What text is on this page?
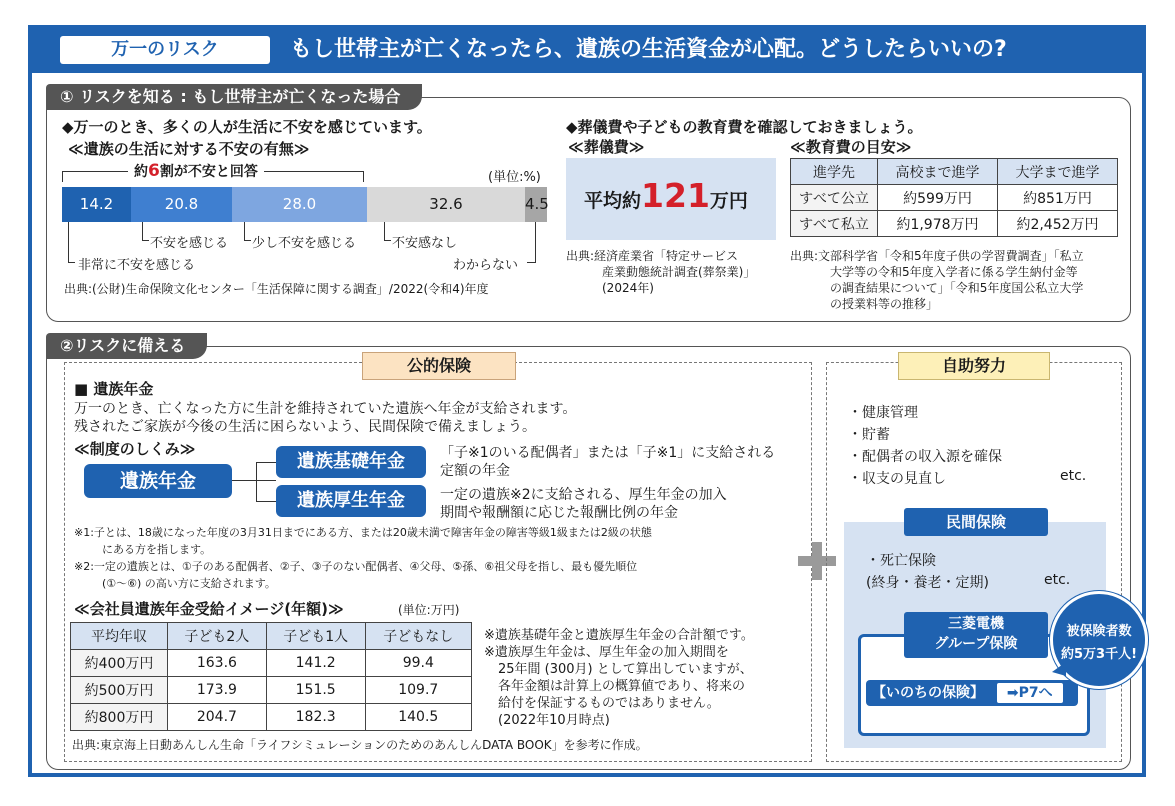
万一のリスク	もし世帯主が亡くなったら、遺族の生活資金が心配。どうしたらいいの?
① リスクを知る : もし世帯主が亡くなった場合
◆万一のとき、多くの人が生活に不安を感じています。
≪遺族の生活に対する不安の有無≫
約6割が不安と回答	(単位:%)
14.2	20.8	28.0	32.6	4.5
非常に不安を感じる
不安を感じる 少し不安を感じる	不安感なし
わからない
出典:(公財)生命保険文化センター「生活保障に関する調査」/2022(令和4)年度
◆葬儀費や子どもの教育費を確認しておきましょう。
≪葬儀費≫
平均約121万円
出典:経済産業省「特定サービス
産業動態統計調査(葬祭業)」
(2024年)
≪教育費の目安≫
進学先	高校まで進学	大学まで進学
すべて公立	約599万円	約851万円
すべて私立	約1,978万円	約2,452万円
出典:文部科学省「令和5年度子供の学習費調査」「私立
大学等の令和5年度入学者に係る学生納付金等
の調査結果について」「令和5年度国公私立大学
の授業料等の推移」
②リスクに備える
公的保険
■ 遺族年金
万一のとき、亡くなった方に生計を維持されていた遺族へ年金が支給されます。
残されたご家族が今後の生活に困らないよう、民間保険で備えましょう。
≪制度のしくみ≫
遺族年金
遺族基礎年金
遺族厚生年金
「子※1のいる配偶者」または「子※1」に支給される
定額の年金
一定の遺族※2に支給される、厚生年金の加入
期間や報酬額に応じた報酬比例の年金
※1:子とは、18歳になった年度の3月31日までにある方、または20歳未満で障害年金の障害等級1級または2級の状態
にある方を指します。
※2:一定の遺族とは、①子のある配偶者、②子、③子のない配偶者、④父母、⑤孫、⑥祖父母を指し、最も優先順位
(①〜⑥) の高い方に支給されます。
≪会社員遺族年金受給イメージ(年額)≫	(単位:万円)
平均年収	子ども2人	子ども1人	子どもなし
約400万円	163.6	141.2	99.4
約500万円	173.9	151.5	109.7
約800万円	204.7	182.3	140.5
※遺族基礎年金と遺族厚生年金の合計額です。
※遺族厚生年金は、厚生年金の加入期間を
25年間 (300月) として算出していますが、
各年金額は計算上の概算値であり、将来の
給付を保証するものではありません。
(2022年10月時点)
出典:東京海上日動あんしん生命「ライフシミュレーションのためのあんしんDATA BOOK」を参考に作成。
自助努力
・健康管理
・貯蓄
・配偶者の収入源を確保
・収支の見直し	etc.
民間保険
・死亡保険
(終身・養老・定期)	etc.
三菱電機
グループ保険
【いのちの保険】 ➡P7へ
被保険者数
約5万3千人!
